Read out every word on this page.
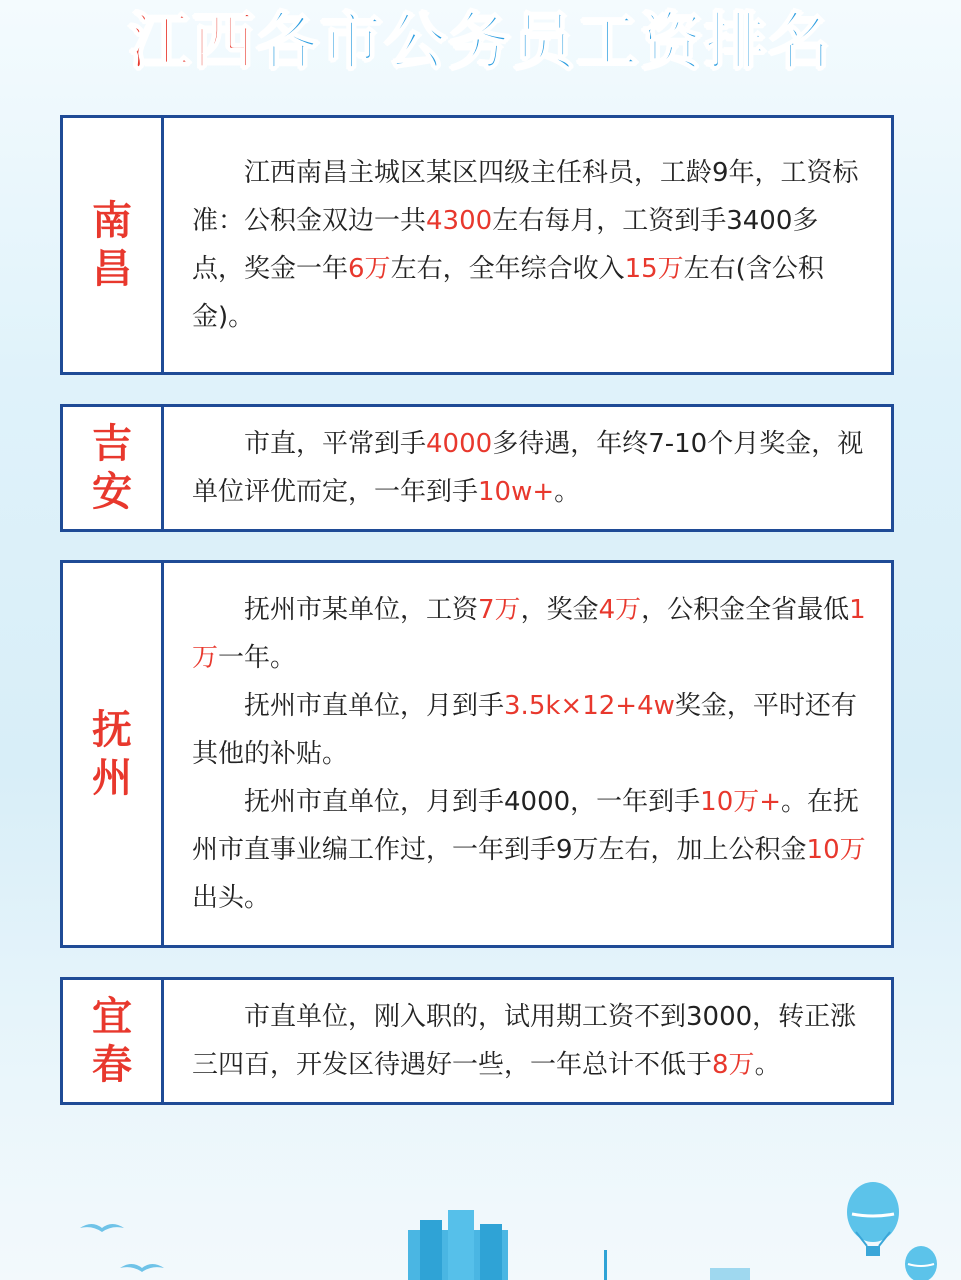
江西各市公务员工资排名
南昌

江西南昌主城区某区四级主任科员，工龄9年，工资标准：公积金双边一共4300左右每月，工资到手3400多点，奖金一年6万左右，全年综合收入15万左右(含公积金)。

吉安

市直，平常到手4000多待遇，年终7-10个月奖金，视单位评优而定，一年到手10w+。

抚州

抚州市某单位，工资7万，奖金4万，公积金全省最低1万一年。

抚州市直单位，月到手3.5k×12+4w奖金，平时还有其他的补贴。

抚州市直单位，月到手4000，一年到手10万+。在抚州市直事业编工作过，一年到手9万左右，加上公积金10万出头。

宜春

市直单位，刚入职的，试用期工资不到3000，转正涨三四百，开发区待遇好一些，一年总计不低于8万。
